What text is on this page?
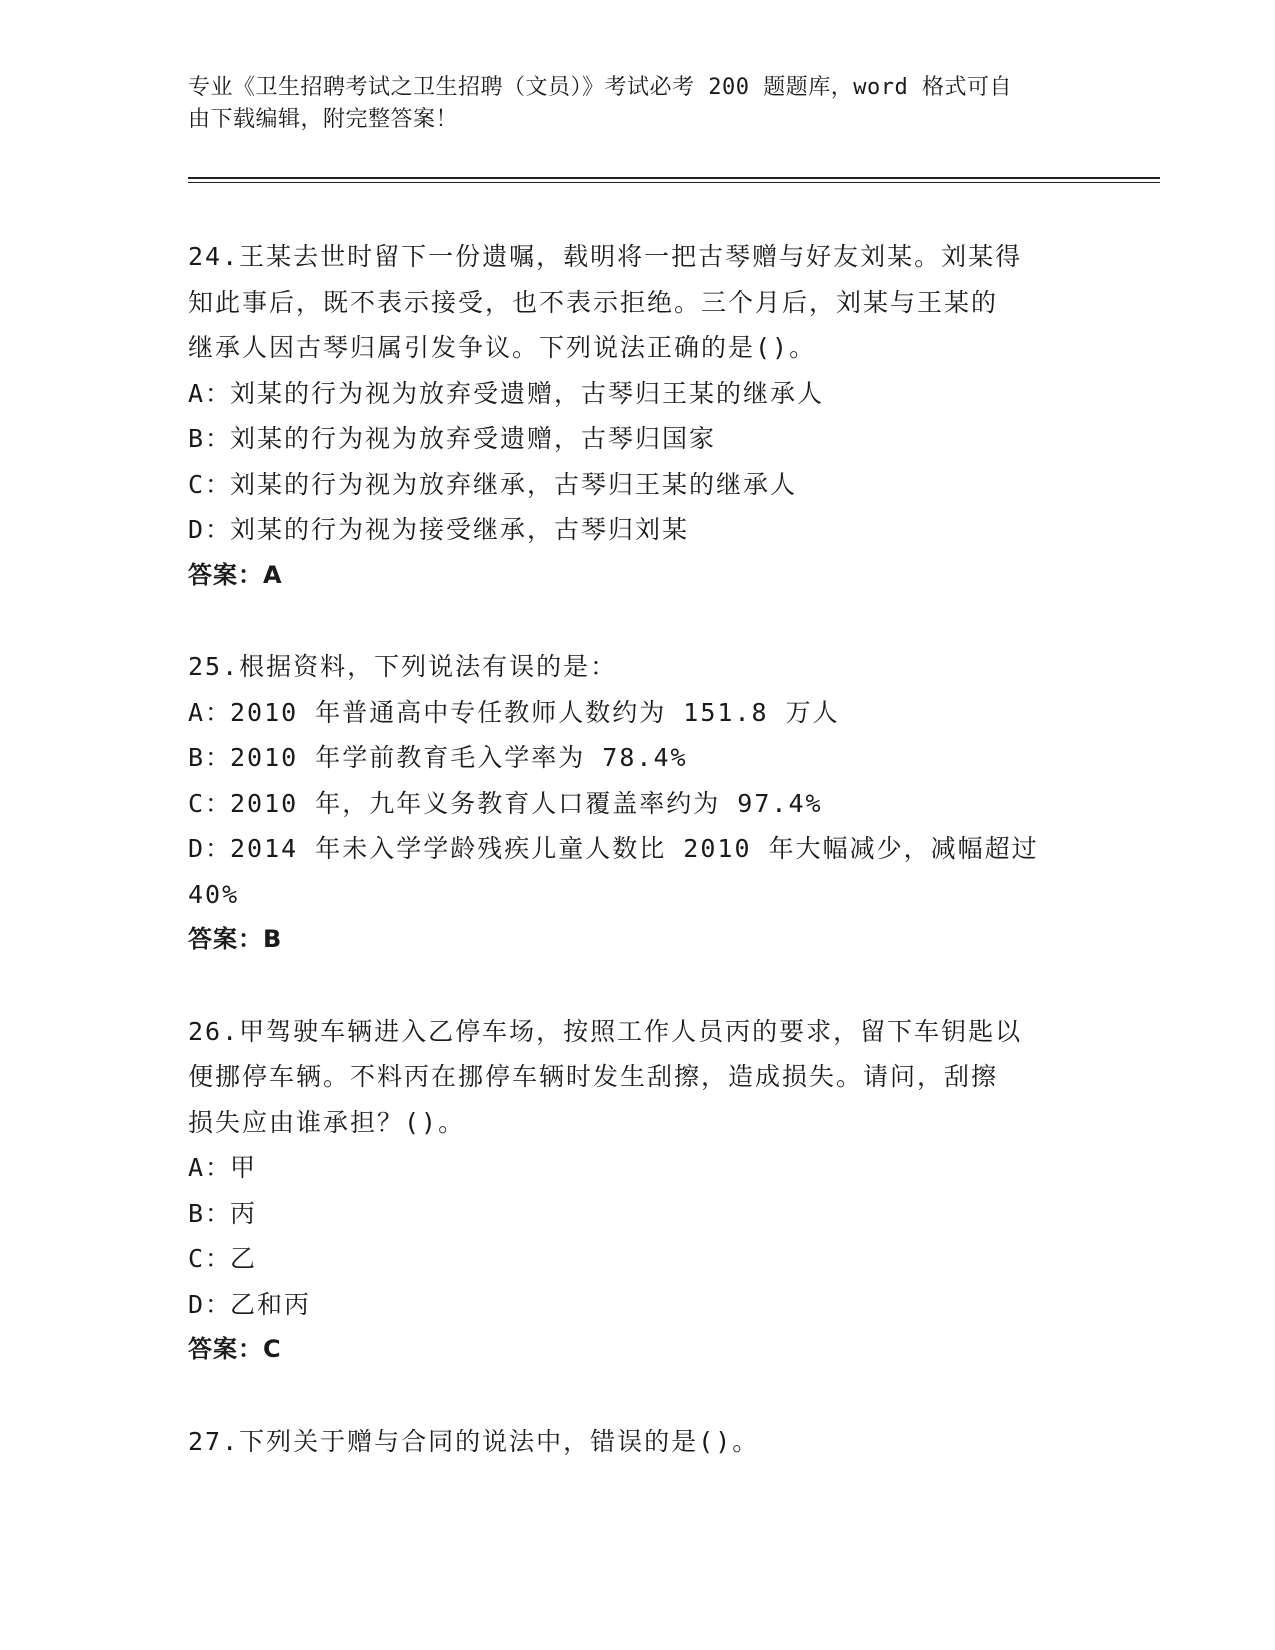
专业《卫生招聘考试之卫生招聘（文员）》考试必考 200 题题库，word 格式可自
由下载编辑，附完整答案！

24.王某去世时留下一份遗嘱，载明将一把古琴赠与好友刘某。刘某得

知此事后，既不表示接受，也不表示拒绝。三个月后，刘某与王某的

继承人因古琴归属引发争议。下列说法正确的是()。

A：刘某的行为视为放弃受遗赠，古琴归王某的继承人

B：刘某的行为视为放弃受遗赠，古琴归国家

C：刘某的行为视为放弃继承，古琴归王某的继承人

D：刘某的行为视为接受继承，古琴归刘某

答案：A

25.根据资料，下列说法有误的是：

A：2010 年普通高中专任教师人数约为 151.8 万人

B：2010 年学前教育毛入学率为 78.4%

C：2010 年，九年义务教育人口覆盖率约为 97.4%

D：2014 年未入学学龄残疾儿童人数比 2010 年大幅减少，减幅超过

40%

答案：B

26.甲驾驶车辆进入乙停车场，按照工作人员丙的要求，留下车钥匙以

便挪停车辆。不料丙在挪停车辆时发生刮擦，造成损失。请问，刮擦

损失应由谁承担？()。

A：甲

B：丙

C：乙

D：乙和丙

答案：C

27.下列关于赠与合同的说法中，错误的是()。
